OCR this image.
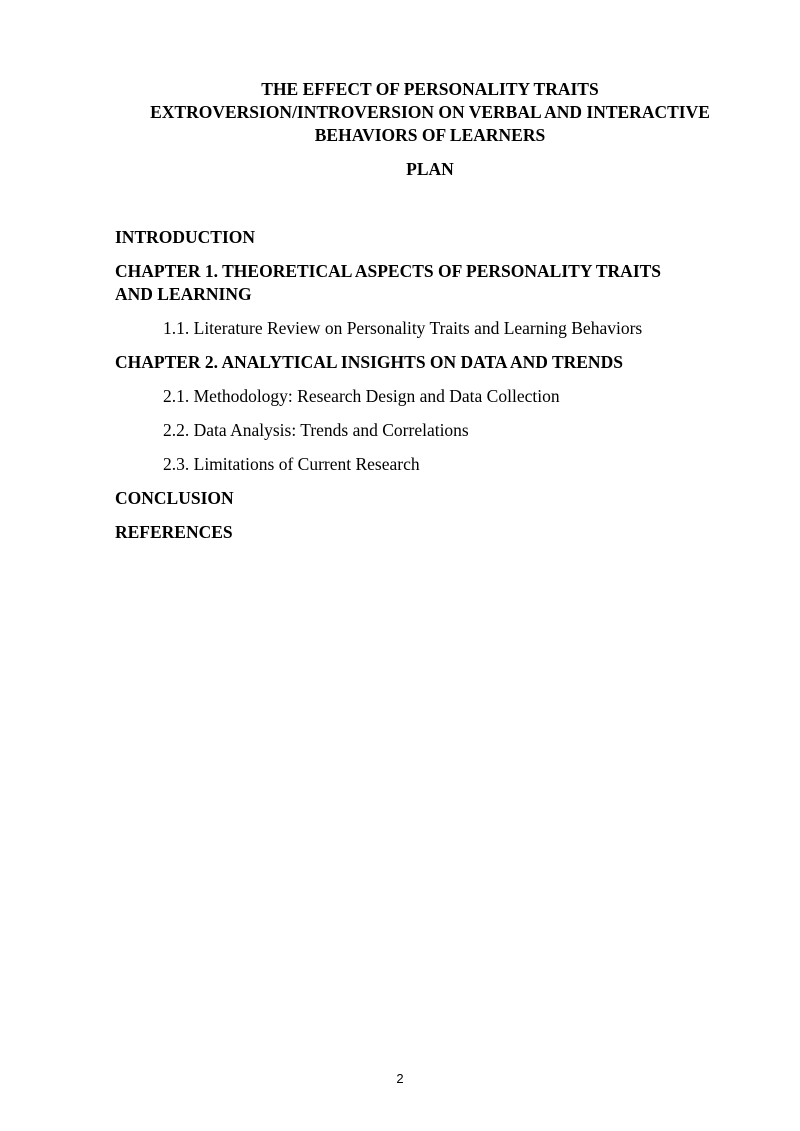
THE EFFECT OF PERSONALITY TRAITS
EXTROVERSION/INTROVERSION ON VERBAL AND INTERACTIVE
BEHAVIORS OF LEARNERS
PLAN
INTRODUCTION
CHAPTER 1. THEORETICAL ASPECTS OF PERSONALITY TRAITS
AND LEARNING
1.1. Literature Review on Personality Traits and Learning Behaviors
CHAPTER 2. ANALYTICAL INSIGHTS ON DATA AND TRENDS
2.1. Methodology: Research Design and Data Collection
2.2. Data Analysis: Trends and Correlations
2.3. Limitations of Current Research
CONCLUSION
REFERENCES
2
